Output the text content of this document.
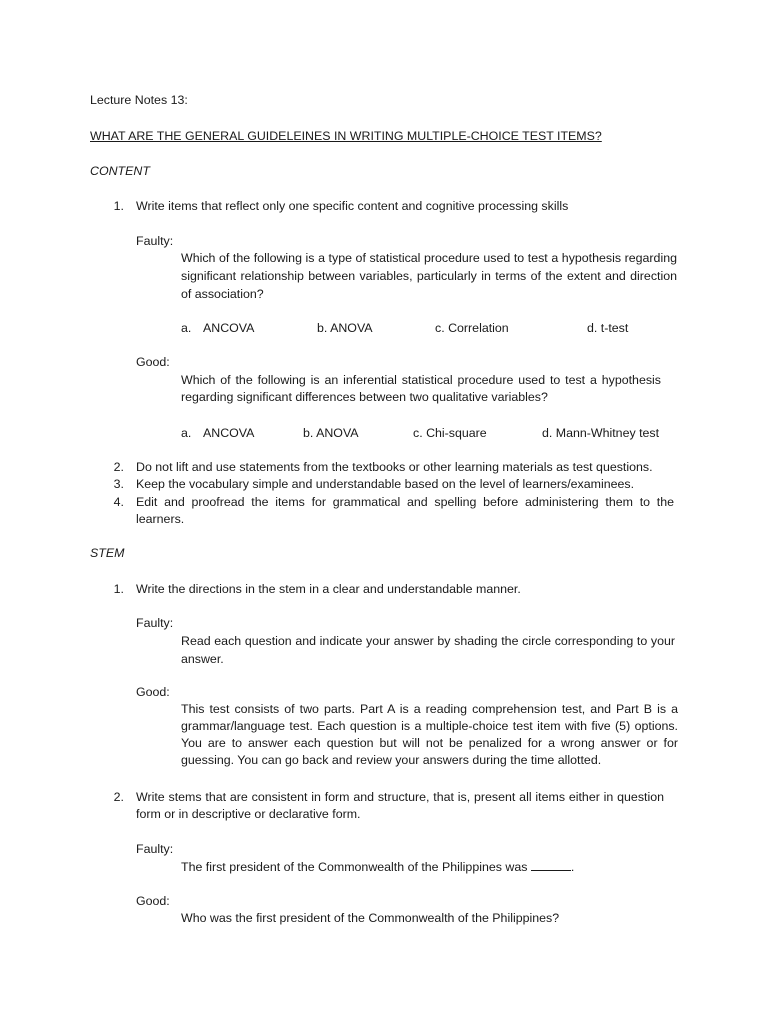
Lecture Notes 13:

WHAT ARE THE GENERAL GUIDELEINES IN WRITING MULTIPLE-CHOICE TEST ITEMS?

CONTENT

1. Write items that reflect only one specific content and cognitive processing skills

Faulty:

Which of the following is a type of statistical procedure used to test a hypothesis regarding significant relationship between variables, particularly in terms of the extent and direction of association?

a. ANCOVA	b. ANOVA	c. Correlation	d. t-test

Good:

Which of the following is an inferential statistical procedure used to test a hypothesis regarding significant differences between two qualitative variables?

a. ANCOVA	b. ANOVA	c. Chi-square	d. Mann-Whitney test
2. Do not lift and use statements from the textbooks or other learning materials as test questions.

3. Keep the vocabulary simple and understandable based on the level of learners/examinees.

4. Edit and proofread the items for grammatical and spelling before administering them to the learners.

STEM

1. Write the directions in the stem in a clear and understandable manner.

Faulty:

Read each question and indicate your answer by shading the circle corresponding to your answer.

Good:

This test consists of two parts. Part A is a reading comprehension test, and Part B is a grammar/language test. Each question is a multiple-choice test item with five (5) options. You are to answer each question but will not be penalized for a wrong answer or for guessing. You can go back and review your answers during the time allotted.

2. Write stems that are consistent in form and structure, that is, present all items either in question form or in descriptive or declarative form.

Faulty:

The first president of the Commonwealth of the Philippines was	.

Good:

Who was the first president of the Commonwealth of the Philippines?
